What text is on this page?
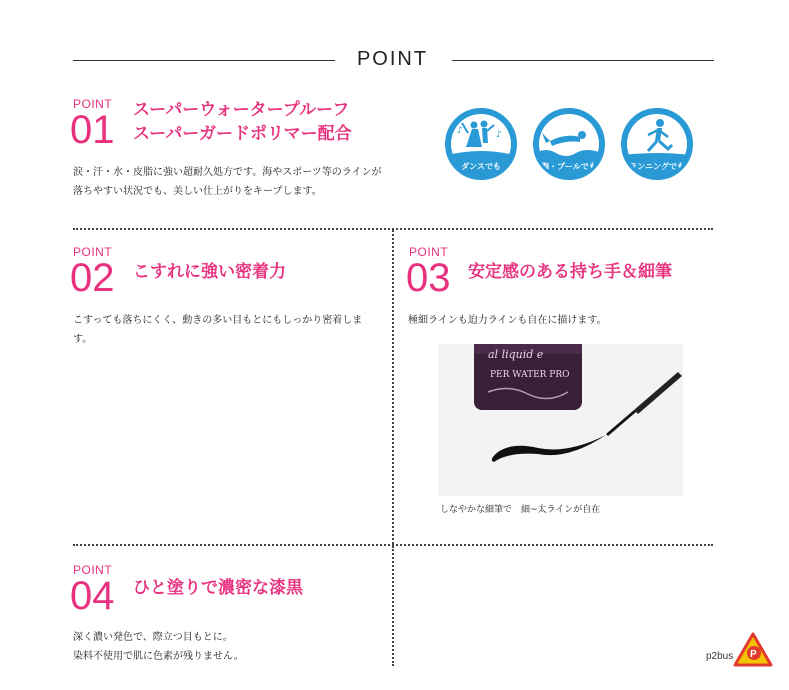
POINT
POINT
01 スーパーウォータープルーフ
スーパーガードポリマー配合
涙・汗・水・皮脂に強い超耐久処方です。海やスポーツ等のラインが
落ちやすい状況でも、美しい仕上がりをキープします。
♪	♪
ダンスでも	海・プールでも	ランニングでも
POINT
02 こすれに強い密着力
こすっても落ちにくく、動きの多い目もとにもしっかり密着しま
す。
POINT
03 安定感のある持ち手＆細筆
極細ラインも迫力ラインも自在に描けます。
al liquid e
PER WATER PRO
しなやかな細筆で　細~太ラインが自在
POINT
04 ひと塗りで濃密な漆黒
深く濃い発色で、際立つ目もとに。
染料不使用で肌に色素が残りません。	p2bus P
